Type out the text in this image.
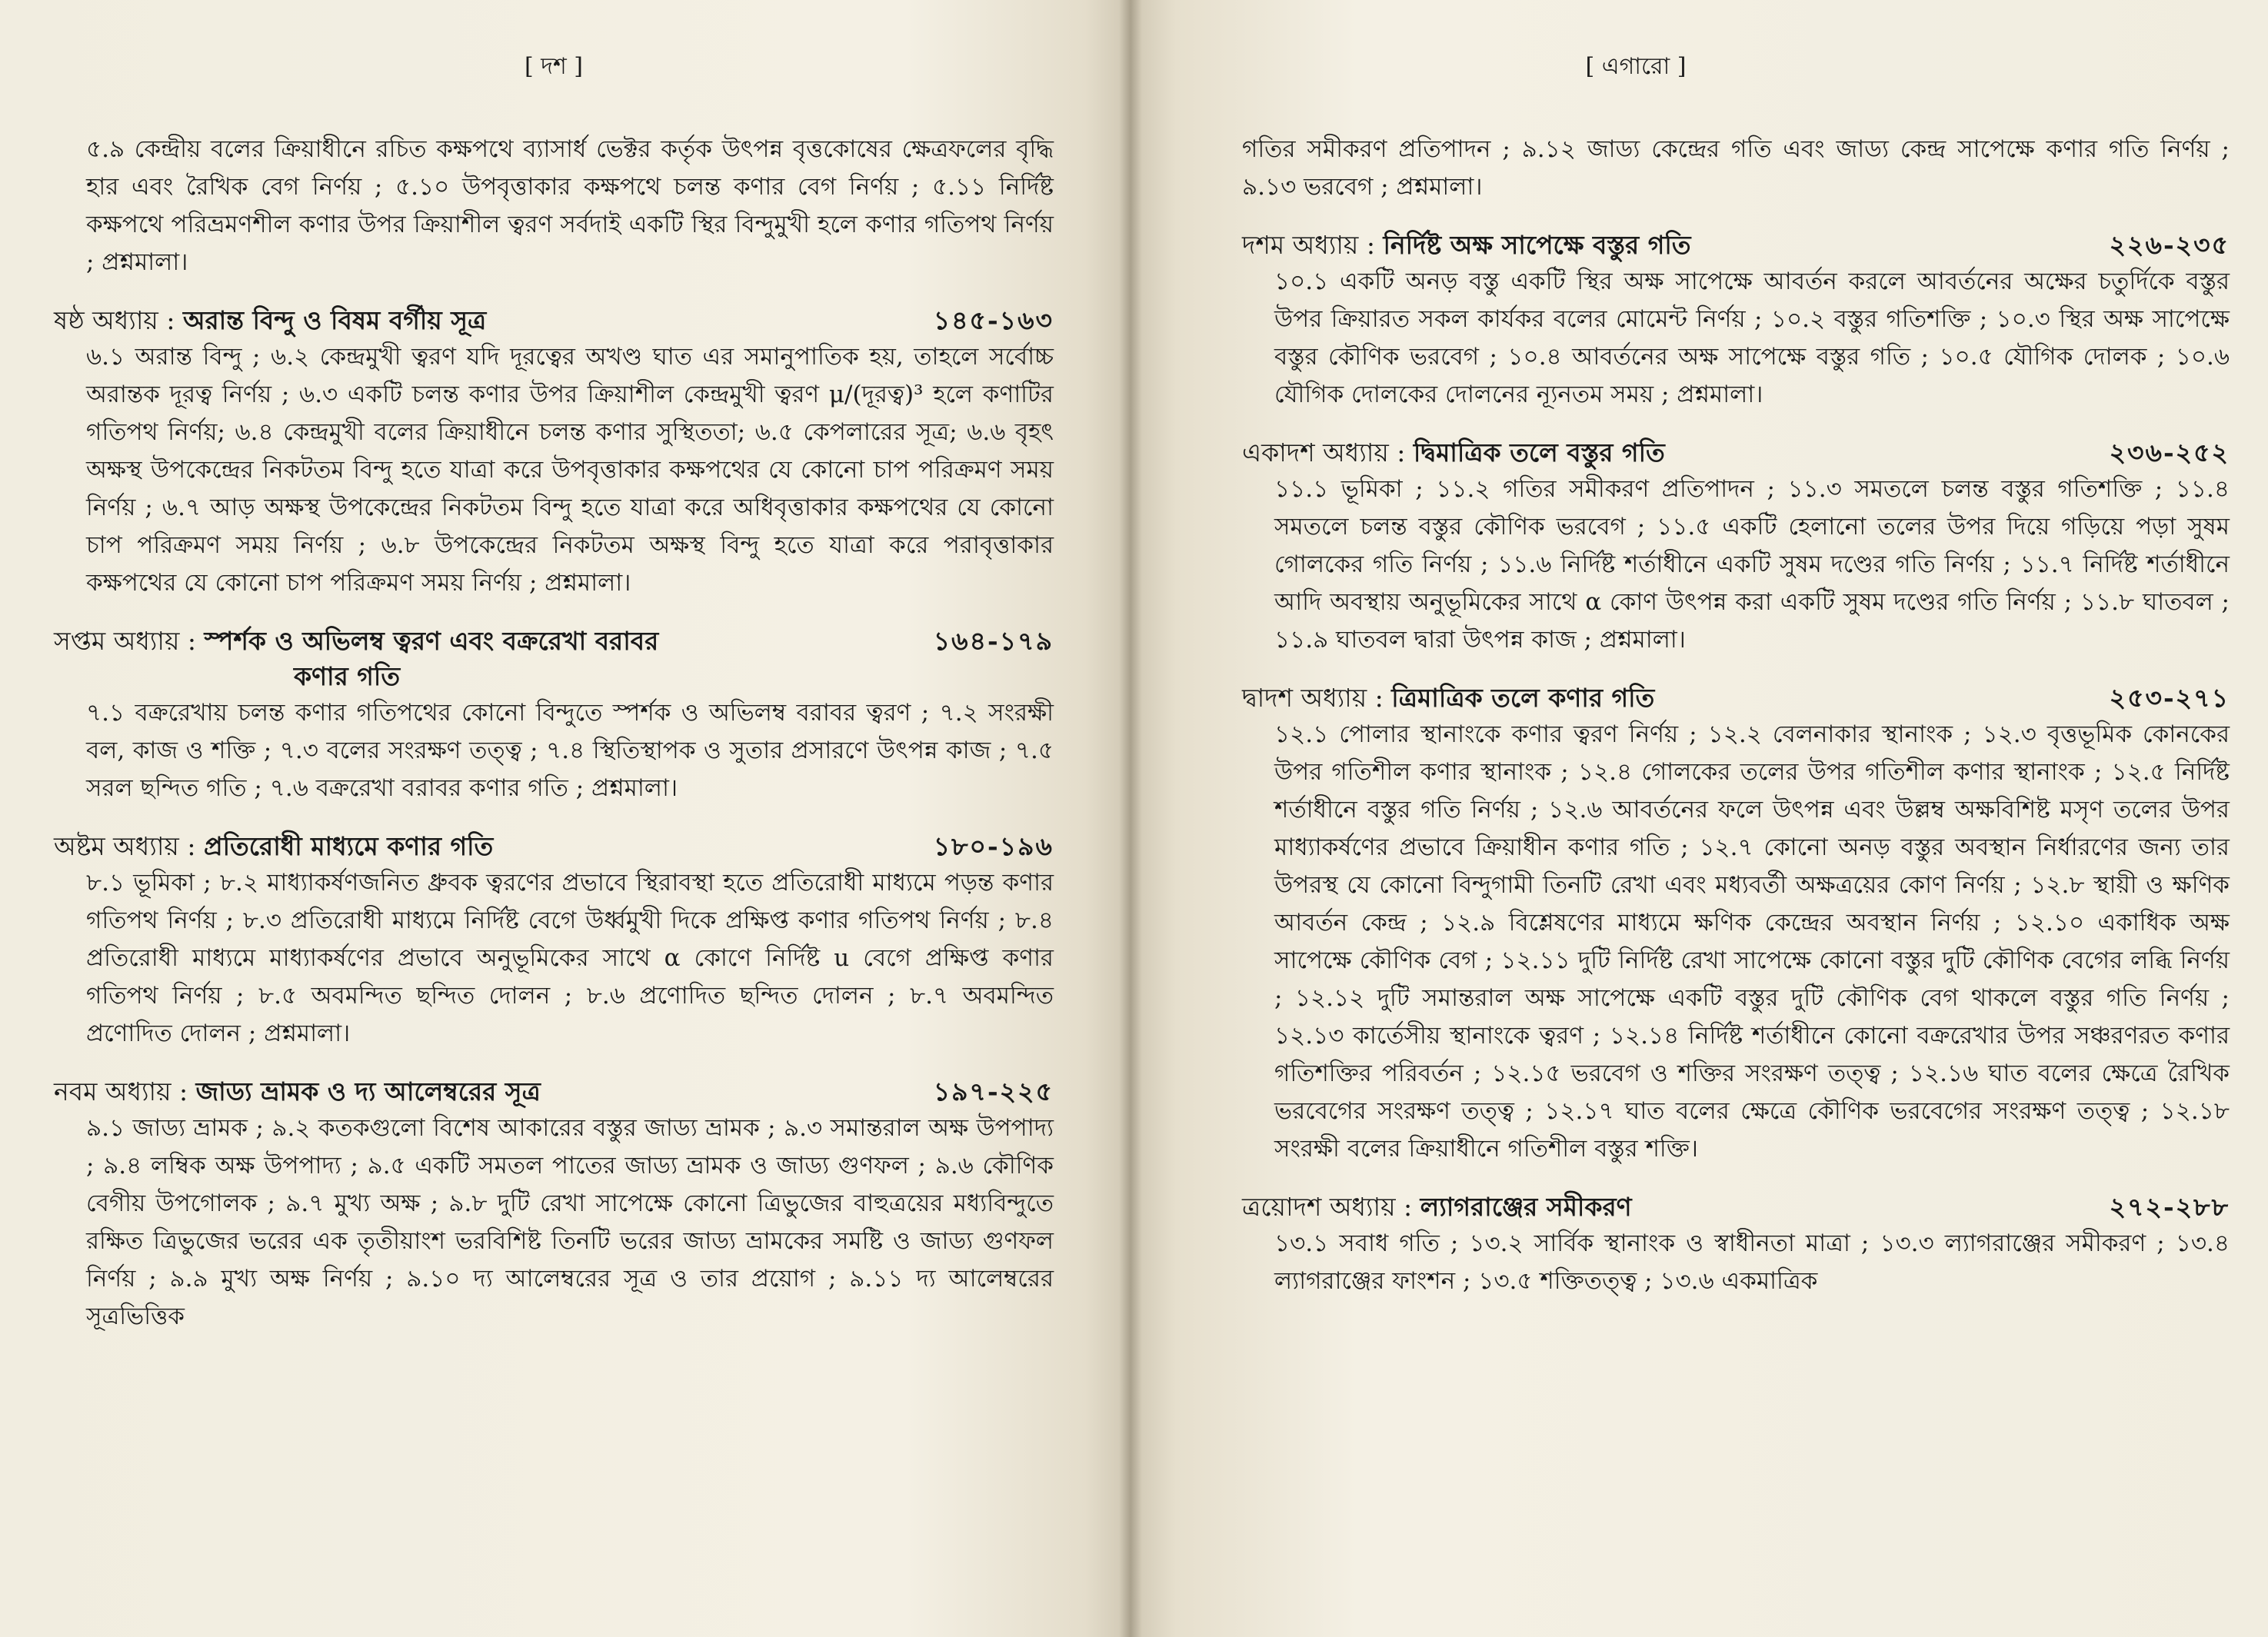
[ দশ ]
৫.৯ কেন্দ্রীয় বলের ক্রিয়াধীনে রচিত কক্ষপথে ব্যাসার্ধ ভেক্টর কর্তৃক উৎপন্ন বৃত্তকোষের ক্ষেত্রফলের বৃদ্ধি হার এবং রৈখিক বেগ নির্ণয় ; ৫.১০ উপবৃত্তাকার কক্ষপথে চলন্ত কণার বেগ নির্ণয় ; ৫.১১ নির্দিষ্ট কক্ষপথে পরিভ্রমণশীল কণার উপর ক্রিয়াশীল ত্বরণ সর্বদাই একটি স্থির বিন্দুমুখী হলে কণার গতিপথ নির্ণয় ; প্রশ্নমালা।
ষষ্ঠ অধ্যায় : অরান্ত বিন্দু ও বিষম বর্গীয় সূত্র	১৪৫-১৬৩
৬.১ অরান্ত বিন্দু ; ৬.২ কেন্দ্রমুখী ত্বরণ যদি দূরত্বের অখণ্ড ঘাত এর সমানুপাতিক হয়, তাহলে সর্বোচ্চ অরান্তক দূরত্ব নির্ণয় ; ৬.৩ একটি চলন্ত কণার উপর ক্রিয়াশীল কেন্দ্রমুখী ত্বরণ μ/(দূরত্ব)³ হলে কণাটির গতিপথ নির্ণয়; ৬.৪ কেন্দ্রমুখী বলের ক্রিয়াধীনে চলন্ত কণার সুস্থিততা; ৬.৫ কেপলারের সূত্র; ৬.৬ বৃহৎ অক্ষস্থ উপকেন্দ্রের নিকটতম বিন্দু হতে যাত্রা করে উপবৃত্তাকার কক্ষপথের যে কোনো চাপ পরিক্রমণ সময় নির্ণয় ; ৬.৭ আড় অক্ষস্থ উপকেন্দ্রের নিকটতম বিন্দু হতে যাত্রা করে অধিবৃত্তাকার কক্ষপথের যে কোনো চাপ পরিক্রমণ সময় নির্ণয় ; ৬.৮ উপকেন্দ্রের নিকটতম অক্ষস্থ বিন্দু হতে যাত্রা করে পরাবৃত্তাকার কক্ষপথের যে কোনো চাপ পরিক্রমণ সময় নির্ণয় ; প্রশ্নমালা।
সপ্তম অধ্যায় : স্পর্শক ও অভিলম্ব ত্বরণ এবং বক্ররেখা বরাবর	১৬৪-১৭৯
কণার গতি
৭.১ বক্ররেখায় চলন্ত কণার গতিপথের কোনো বিন্দুতে স্পর্শক ও অভিলম্ব বরাবর ত্বরণ ; ৭.২ সংরক্ষী বল, কাজ ও শক্তি ; ৭.৩ বলের সংরক্ষণ তত্ত্ব ; ৭.৪ স্থিতিস্থাপক ও সুতার প্রসারণে উৎপন্ন কাজ ; ৭.৫ সরল ছন্দিত গতি ; ৭.৬ বক্ররেখা বরাবর কণার গতি ; প্রশ্নমালা।
অষ্টম অধ্যায় : প্রতিরোধী মাধ্যমে কণার গতি	১৮০-১৯৬
৮.১ ভূমিকা ; ৮.২ মাধ্যাকর্ষণজনিত ধ্রুবক ত্বরণের প্রভাবে স্থিরাবস্থা হতে প্রতিরোধী মাধ্যমে পড়ন্ত কণার গতিপথ নির্ণয় ; ৮.৩ প্রতিরোধী মাধ্যমে নির্দিষ্ট বেগে উর্ধ্বমুখী দিকে প্রক্ষিপ্ত কণার গতিপথ নির্ণয় ; ৮.৪ প্রতিরোধী মাধ্যমে মাধ্যাকর্ষণের প্রভাবে অনুভূমিকের সাথে α কোণে নির্দিষ্ট u বেগে প্রক্ষিপ্ত কণার গতিপথ নির্ণয় ; ৮.৫ অবমন্দিত ছন্দিত দোলন ; ৮.৬ প্রণোদিত ছন্দিত দোলন ; ৮.৭ অবমন্দিত প্রণোদিত দোলন ; প্রশ্নমালা।
নবম অধ্যায় : জাড্য ভ্রামক ও দ্য আলেম্বরের সূত্র	১৯৭-২২৫
৯.১ জাড্য ভ্রামক ; ৯.২ কতকগুলো বিশেষ আকারের বস্তুর জাড্য ভ্রামক ; ৯.৩ সমান্তরাল অক্ষ উপপাদ্য ; ৯.৪ লম্বিক অক্ষ উপপাদ্য ; ৯.৫ একটি সমতল পাতের জাড্য ভ্রামক ও জাড্য গুণফল ; ৯.৬ কৌণিক বেগীয় উপগোলক ; ৯.৭ মুখ্য অক্ষ ; ৯.৮ দুটি রেখা সাপেক্ষে কোনো ত্রিভুজের বাহুত্রয়ের মধ্যবিন্দুতে রক্ষিত ত্রিভুজের ভরের এক তৃতীয়াংশ ভরবিশিষ্ট তিনটি ভরের জাড্য ভ্রামকের সমষ্টি ও জাড্য গুণফল নির্ণয় ; ৯.৯ মুখ্য অক্ষ নির্ণয় ; ৯.১০ দ্য আলেম্বরের সূত্র ও তার প্রয়োগ ; ৯.১১ দ্য আলেম্বরের সূত্রভিত্তিক
[ এগারো ]
গতির সমীকরণ প্রতিপাদন ; ৯.১২ জাড্য কেন্দ্রের গতি এবং জাড্য কেন্দ্র সাপেক্ষে কণার গতি নির্ণয় ; ৯.১৩ ভরবেগ ; প্রশ্নমালা।
দশম অধ্যায় : নির্দিষ্ট অক্ষ সাপেক্ষে বস্তুর গতি	২২৬-২৩৫
১০.১ একটি অনড় বস্তু একটি স্থির অক্ষ সাপেক্ষে আবর্তন করলে আবর্তনের অক্ষের চতুর্দিকে বস্তুর উপর ক্রিয়ারত সকল কার্যকর বলের মোমেন্ট নির্ণয় ; ১০.২ বস্তুর গতিশক্তি ; ১০.৩ স্থির অক্ষ সাপেক্ষে বস্তুর কৌণিক ভরবেগ ; ১০.৪ আবর্তনের অক্ষ সাপেক্ষে বস্তুর গতি ; ১০.৫ যৌগিক দোলক ; ১০.৬ যৌগিক দোলকের দোলনের ন্যূনতম সময় ; প্রশ্নমালা।
একাদশ অধ্যায় : দ্বিমাত্রিক তলে বস্তুর গতি	২৩৬-২৫২
১১.১ ভূমিকা ; ১১.২ গতির সমীকরণ প্রতিপাদন ; ১১.৩ সমতলে চলন্ত বস্তুর গতিশক্তি ; ১১.৪ সমতলে চলন্ত বস্তুর কৌণিক ভরবেগ ; ১১.৫ একটি হেলানো তলের উপর দিয়ে গড়িয়ে পড়া সুষম গোলকের গতি নির্ণয় ; ১১.৬ নির্দিষ্ট শর্তাধীনে একটি সুষম দণ্ডের গতি নির্ণয় ; ১১.৭ নির্দিষ্ট শর্তাধীনে আদি অবস্থায় অনুভূমিকের সাথে α কোণ উৎপন্ন করা একটি সুষম দণ্ডের গতি নির্ণয় ; ১১.৮ ঘাতবল ; ১১.৯ ঘাতবল দ্বারা উৎপন্ন কাজ ; প্রশ্নমালা।
দ্বাদশ অধ্যায় : ত্রিমাত্রিক তলে কণার গতি	২৫৩-২৭১
১২.১ পোলার স্থানাংকে কণার ত্বরণ নির্ণয় ; ১২.২ বেলনাকার স্থানাংক ; ১২.৩ বৃত্তভূমিক কোনকের উপর গতিশীল কণার স্থানাংক ; ১২.৪ গোলকের তলের উপর গতিশীল কণার স্থানাংক ; ১২.৫ নির্দিষ্ট শর্তাধীনে বস্তুর গতি নির্ণয় ; ১২.৬ আবর্তনের ফলে উৎপন্ন এবং উল্লম্ব অক্ষবিশিষ্ট মসৃণ তলের উপর মাধ্যাকর্ষণের প্রভাবে ক্রিয়াধীন কণার গতি ; ১২.৭ কোনো অনড় বস্তুর অবস্থান নির্ধারণের জন্য তার উপরস্থ যে কোনো বিন্দুগামী তিনটি রেখা এবং মধ্যবর্তী অক্ষত্রয়ের কোণ নির্ণয় ; ১২.৮ স্থায়ী ও ক্ষণিক আবর্তন কেন্দ্র ; ১২.৯ বিশ্লেষণের মাধ্যমে ক্ষণিক কেন্দ্রের অবস্থান নির্ণয় ; ১২.১০ একাধিক অক্ষ সাপেক্ষে কৌণিক বেগ ; ১২.১১ দুটি নির্দিষ্ট রেখা সাপেক্ষে কোনো বস্তুর দুটি কৌণিক বেগের লব্ধি নির্ণয় ; ১২.১২ দুটি সমান্তরাল অক্ষ সাপেক্ষে একটি বস্তুর দুটি কৌণিক বেগ থাকলে বস্তুর গতি নির্ণয় ; ১২.১৩ কার্তেসীয় স্থানাংকে ত্বরণ ; ১২.১৪ নির্দিষ্ট শর্তাধীনে কোনো বক্ররেখার উপর সঞ্চরণরত কণার গতিশক্তির পরিবর্তন ; ১২.১৫ ভরবেগ ও শক্তির সংরক্ষণ তত্ত্ব ; ১২.১৬ ঘাত বলের ক্ষেত্রে রৈখিক ভরবেগের সংরক্ষণ তত্ত্ব ; ১২.১৭ ঘাত বলের ক্ষেত্রে কৌণিক ভরবেগের সংরক্ষণ তত্ত্ব ; ১২.১৮ সংরক্ষী বলের ক্রিয়াধীনে গতিশীল বস্তুর শক্তি।
ত্রয়োদশ অধ্যায় : ল্যাগরাঞ্জের সমীকরণ	২৭২-২৮৮
১৩.১ সবাধ গতি ; ১৩.২ সার্বিক স্থানাংক ও স্বাধীনতা মাত্রা ; ১৩.৩ ল্যাগরাঞ্জের সমীকরণ ; ১৩.৪ ল্যাগরাঞ্জের ফাংশন ; ১৩.৫ শক্তিতত্ত্ব ; ১৩.৬ একমাত্রিক
